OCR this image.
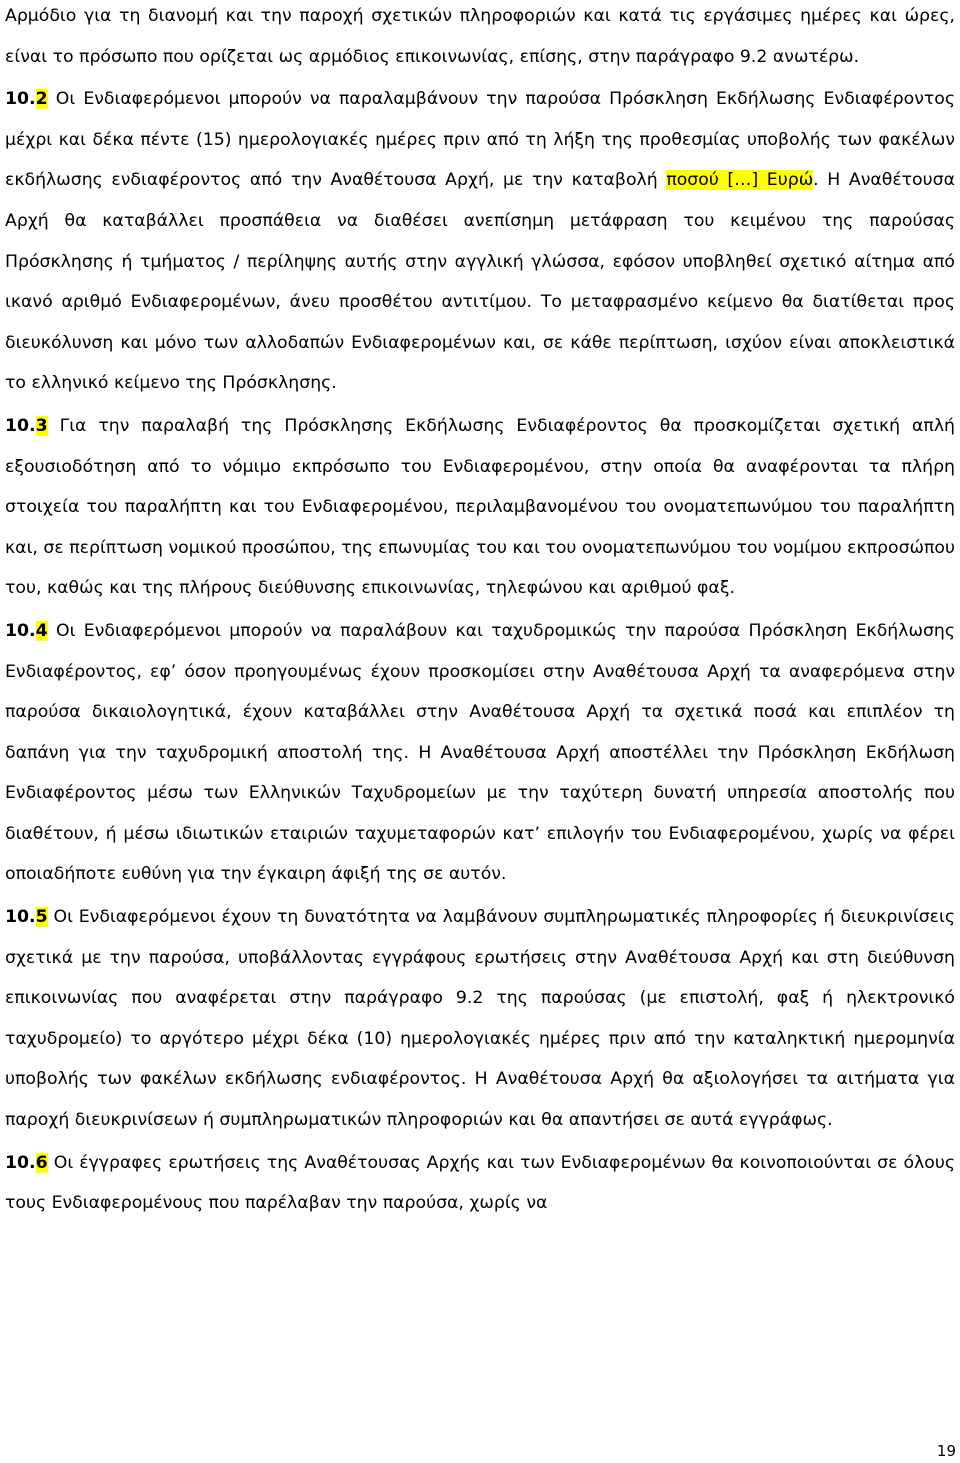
Αρμόδιο για τη διανομή και την παροχή σχετικών πληροφοριών και κατά τις εργάσιμες ημέρες και ώρες, είναι το πρόσωπο που ορίζεται ως αρμόδιος επικοινωνίας, επίσης, στην παράγραφο 9.2 ανωτέρω.

10.2 Οι Ενδιαφερόμενοι μπορούν να παραλαμβάνουν την παρούσα Πρόσκληση Εκδήλωσης Ενδιαφέροντος μέχρι και δέκα πέντε (15) ημερολογιακές ημέρες πριν από τη λήξη της προθεσμίας υποβολής των φακέλων εκδήλωσης ενδιαφέροντος από την Αναθέτουσα Αρχή, με την καταβολή ποσού […] Ευρώ. Η Αναθέτουσα Αρχή θα καταβάλλει προσπάθεια να διαθέσει ανεπίσημη μετάφραση του κειμένου της παρούσας Πρόσκλησης ή τμήματος / περίληψης αυτής στην αγγλική γλώσσα, εφόσον υποβληθεί σχετικό αίτημα από ικανό αριθμό Ενδιαφερομένων, άνευ προσθέτου αντιτίμου. Το μεταφρασμένο κείμενο θα διατίθεται προς διευκόλυνση και μόνο των αλλοδαπών Ενδιαφερομένων και, σε κάθε περίπτωση, ισχύον είναι αποκλειστικά το ελληνικό κείμενο της Πρόσκλησης.

10.3 Για την παραλαβή της Πρόσκλησης Εκδήλωσης Ενδιαφέροντος θα προσκομίζεται σχετική απλή εξουσιοδότηση από το νόμιμο εκπρόσωπο του Ενδιαφερομένου, στην οποία θα αναφέρονται τα πλήρη στοιχεία του παραλήπτη και του Ενδιαφερομένου, περιλαμβανομένου του ονοματεπωνύμου του παραλήπτη και, σε περίπτωση νομικού προσώπου, της επωνυμίας του και του ονοματεπωνύμου του νομίμου εκπροσώπου του, καθώς και της πλήρους διεύθυνσης επικοινωνίας, τηλεφώνου και αριθμού φαξ.

10.4 Οι Ενδιαφερόμενοι μπορούν να παραλάβουν και ταχυδρομικώς την παρούσα Πρόσκληση Εκδήλωσης Ενδιαφέροντος, εφ’ όσον προηγουμένως έχουν προσκομίσει στην Αναθέτουσα Αρχή τα αναφερόμενα στην παρούσα δικαιολογητικά, έχουν καταβάλλει στην Αναθέτουσα Αρχή τα σχετικά ποσά και επιπλέον τη δαπάνη για την ταχυδρομική αποστολή της. Η Αναθέτουσα Αρχή αποστέλλει την Πρόσκληση Εκδήλωση Ενδιαφέροντος μέσω των Ελληνικών Ταχυδρομείων με την ταχύτερη δυνατή υπηρεσία αποστολής που διαθέτουν, ή μέσω ιδιωτικών εταιριών ταχυμεταφορών κατ’ επιλογήν του Ενδιαφερομένου, χωρίς να φέρει οποιαδήποτε ευθύνη για την έγκαιρη άφιξή της σε αυτόν.

10.5 Οι Ενδιαφερόμενοι έχουν τη δυνατότητα να λαμβάνουν συμπληρωματικές πληροφορίες ή διευκρινίσεις σχετικά με την παρούσα, υποβάλλοντας εγγράφους ερωτήσεις στην Αναθέτουσα Αρχή και στη διεύθυνση επικοινωνίας που αναφέρεται στην παράγραφο 9.2 της παρούσας (με επιστολή, φαξ ή ηλεκτρονικό ταχυδρομείο) το αργότερο μέχρι δέκα (10) ημερολογιακές ημέρες πριν από την καταληκτική ημερομηνία υποβολής των φακέλων εκδήλωσης ενδιαφέροντος. Η Αναθέτουσα Αρχή θα αξιολογήσει τα αιτήματα για παροχή διευκρινίσεων ή συμπληρωματικών πληροφοριών και θα απαντήσει σε αυτά εγγράφως.

10.6 Οι έγγραφες ερωτήσεις της Αναθέτουσας Αρχής και των Ενδιαφερομένων θα κοινοποιούνται σε όλους τους Ενδιαφερομένους που παρέλαβαν την παρούσα, χωρίς να

19
